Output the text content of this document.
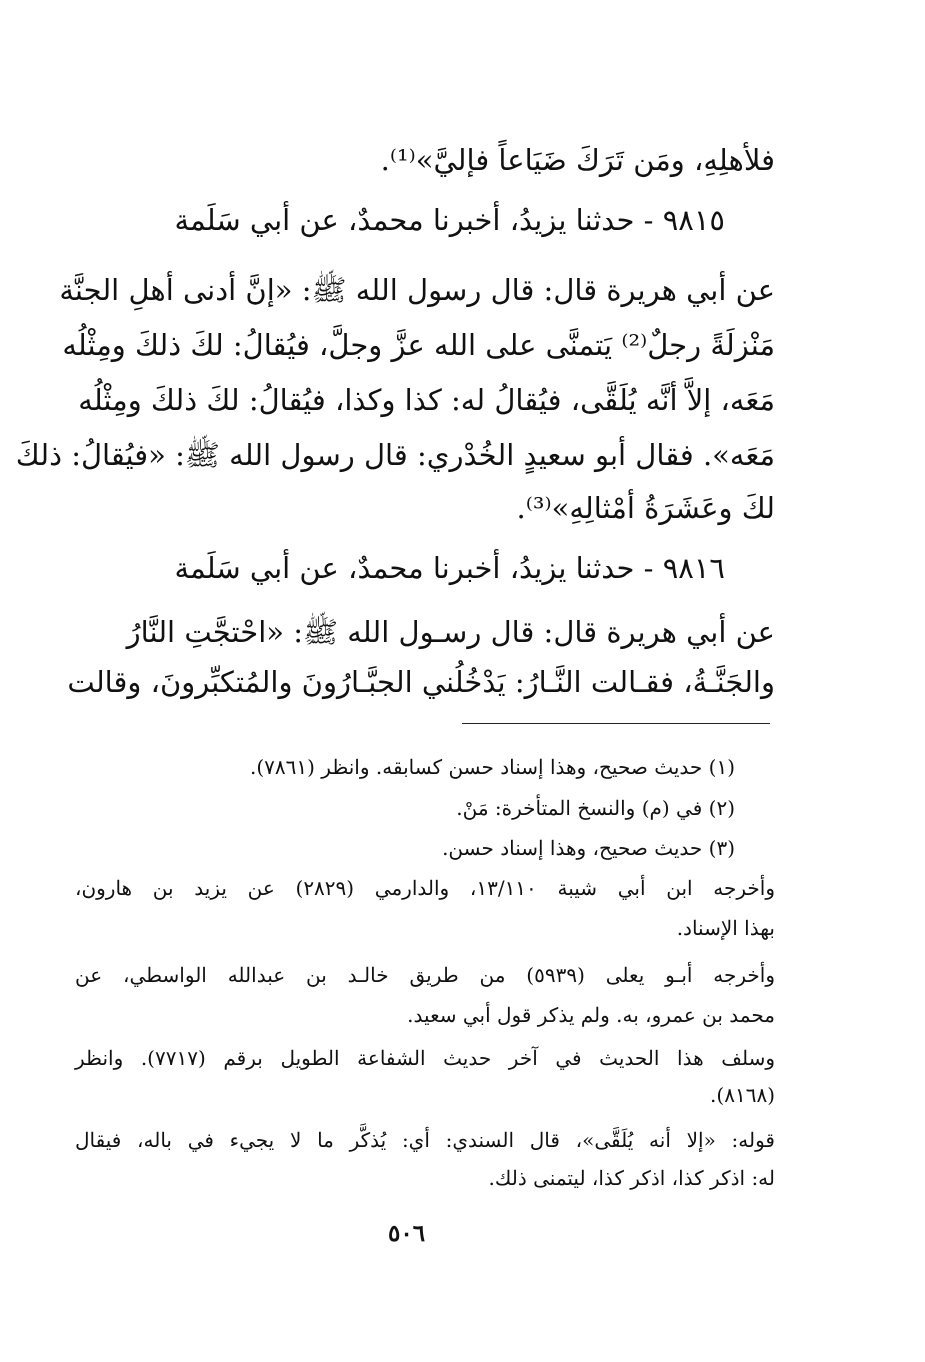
فلأهلِهِ، ومَن تَرَكَ ضَيَاعاً فإليَّ»⁽¹⁾.
٩٨١٥ - حدثنا يزيدُ، أخبرنا محمدٌ، عن أبي سَلَمة
عن أبي هريرة قال: قال رسول الله ﷺ: «إنَّ أدنى أهلِ الجنَّة
مَنْزلَةً رجلٌ⁽²⁾ يَتمنَّى على الله عزَّ وجلَّ، فيُقالُ: لكَ ذلكَ ومِثْلُه
مَعَه، إلاَّ أنَّه يُلَقَّى، فيُقالُ له: كذا وكذا، فيُقالُ: لكَ ذلكَ ومِثْلُه
مَعَه». فقال أبو سعيدٍ الخُدْري: قال رسول الله ﷺ: «فيُقالُ: ذلكَ
لكَ وعَشَرَةُ أمْثالِهِ»⁽³⁾.
٩٨١٦ - حدثنا يزيدُ، أخبرنا محمدٌ، عن أبي سَلَمة
عن أبي هريرة قال: قال رسـول الله ﷺ: «احْتجَّتِ النَّارُ
والجَنَّـةُ، فقـالت النَّـارُ: يَدْخُلُني الجبَّـارُونَ والمُتكبِّرونَ، وقالت
(١) حديث صحيح، وهذا إسناد حسن كسابقه. وانظر (٧٨٦١).
(٢) في (م) والنسخ المتأخرة: مَنْ.
(٣) حديث صحيح، وهذا إسناد حسن.
وأخرجه ابن أبي شيبة ١٣/١١٠، والدارمي (٢٨٢٩) عن يزيد بن هارون،
بهذا الإسناد.
وأخرجه أبـو يعلى (٥٩٣٩) من طريق خالـد بن عبدالله الواسطي، عن
محمد بن عمرو، به. ولم يذكر قول أبي سعيد.
وسلف هذا الحديث في آخر حديث الشفاعة الطويل برقم (٧٧١٧). وانظر
(٨١٦٨).
قوله: «إلا أنه يُلَقَّى»، قال السندي: أي: يُذكَّر ما لا يجيء في باله، فيقال
له: اذكر كذا، اذكر كذا، ليتمنى ذلك.
٥٠٦
